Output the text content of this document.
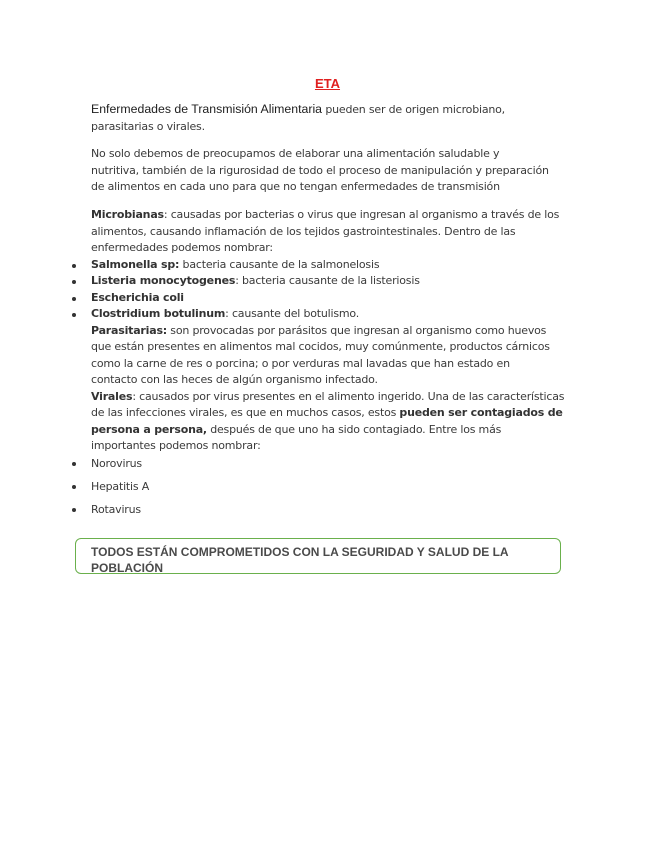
ETA
Enfermedades de Transmisión Alimentaria pueden ser de origen microbiano,
parasitarias o virales.
No solo debemos de preocupamos de elaborar una alimentación saludable y
nutritiva, también de la rigurosidad de todo el proceso de manipulación y preparación
de alimentos en cada uno para que no tengan enfermedades de transmisión
Microbianas: causadas por bacterias o virus que ingresan al organismo a través de los
alimentos, causando inflamación de los tejidos gastrointestinales. Dentro de las
enfermedades podemos nombrar:
Salmonella sp: bacteria causante de la salmonelosis
Listeria monocytogenes: bacteria causante de la listeriosis
Escherichia coli
Clostridium botulinum: causante del botulismo.
Parasitarias: son provocadas por parásitos que ingresan al organismo como huevos
que están presentes en alimentos mal cocidos, muy comúnmente, productos cárnicos
como la carne de res o porcina; o por verduras mal lavadas que han estado en
contacto con las heces de algún organismo infectado.
Virales: causados por virus presentes en el alimento ingerido. Una de las características
de las infecciones virales, es que en muchos casos, estos pueden ser contagiados de
persona a persona, después de que uno ha sido contagiado. Entre los más
importantes podemos nombrar:
Norovirus
Hepatitis A
Rotavirus
TODOS ESTÁN COMPROMETIDOS CON LA SEGURIDAD Y SALUD DE LA POBLACIÓN
